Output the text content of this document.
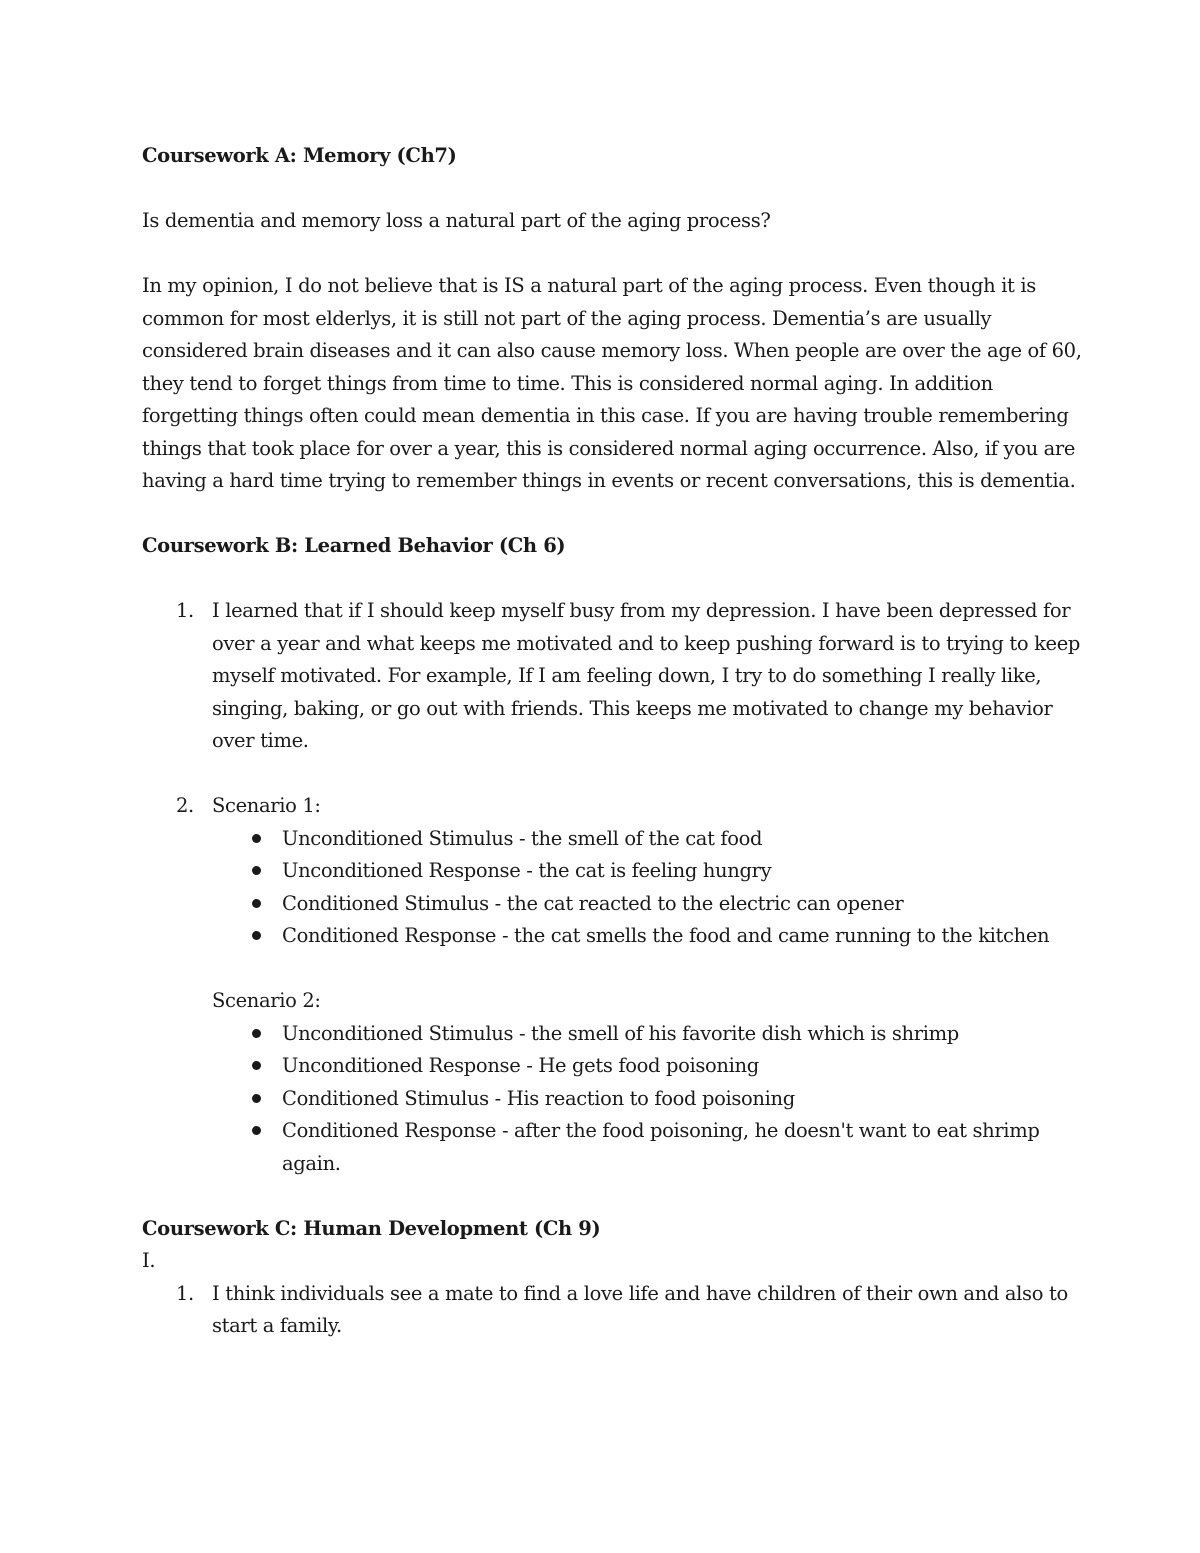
Coursework A: Memory (Ch7)

Is dementia and memory loss a natural part of the aging process?

In my opinion, I do not believe that is IS a natural part of the aging process. Even though it is common for most elderlys, it is still not part of the aging process. Dementia’s are usually considered brain diseases and it can also cause memory loss. When people are over the age of 60, they tend to forget things from time to time. This is considered normal aging. In addition forgetting things often could mean dementia in this case. If you are having trouble remembering things that took place for over a year, this is considered normal aging occurrence. Also, if you are having a hard time trying to remember things in events or recent conversations, this is dementia.

Coursework B: Learned Behavior (Ch 6)

1. I learned that if I should keep myself busy from my depression. I have been depressed for over a year and what keeps me motivated and to keep pushing forward is to trying to keep myself motivated. For example, If I am feeling down, I try to do something I really like, singing, baking, or go out with friends. This keeps me motivated to change my behavior
over time.
2. Scenario 1:
Unconditioned Stimulus - the smell of the cat food
Unconditioned Response - the cat is feeling hungry
Conditioned Stimulus - the cat reacted to the electric can opener
Conditioned Response - the cat smells the food and came running to the kitchen
Scenario 2:
Unconditioned Stimulus - the smell of his favorite dish which is shrimp
Unconditioned Response - He gets food poisoning
Conditioned Stimulus - His reaction to food poisoning
Conditioned Response - after the food poisoning, he doesn't want to eat shrimp again.

Coursework C: Human Development (Ch 9)

I.

1. I think individuals see a mate to find a love life and have children of their own and also to start a family.
